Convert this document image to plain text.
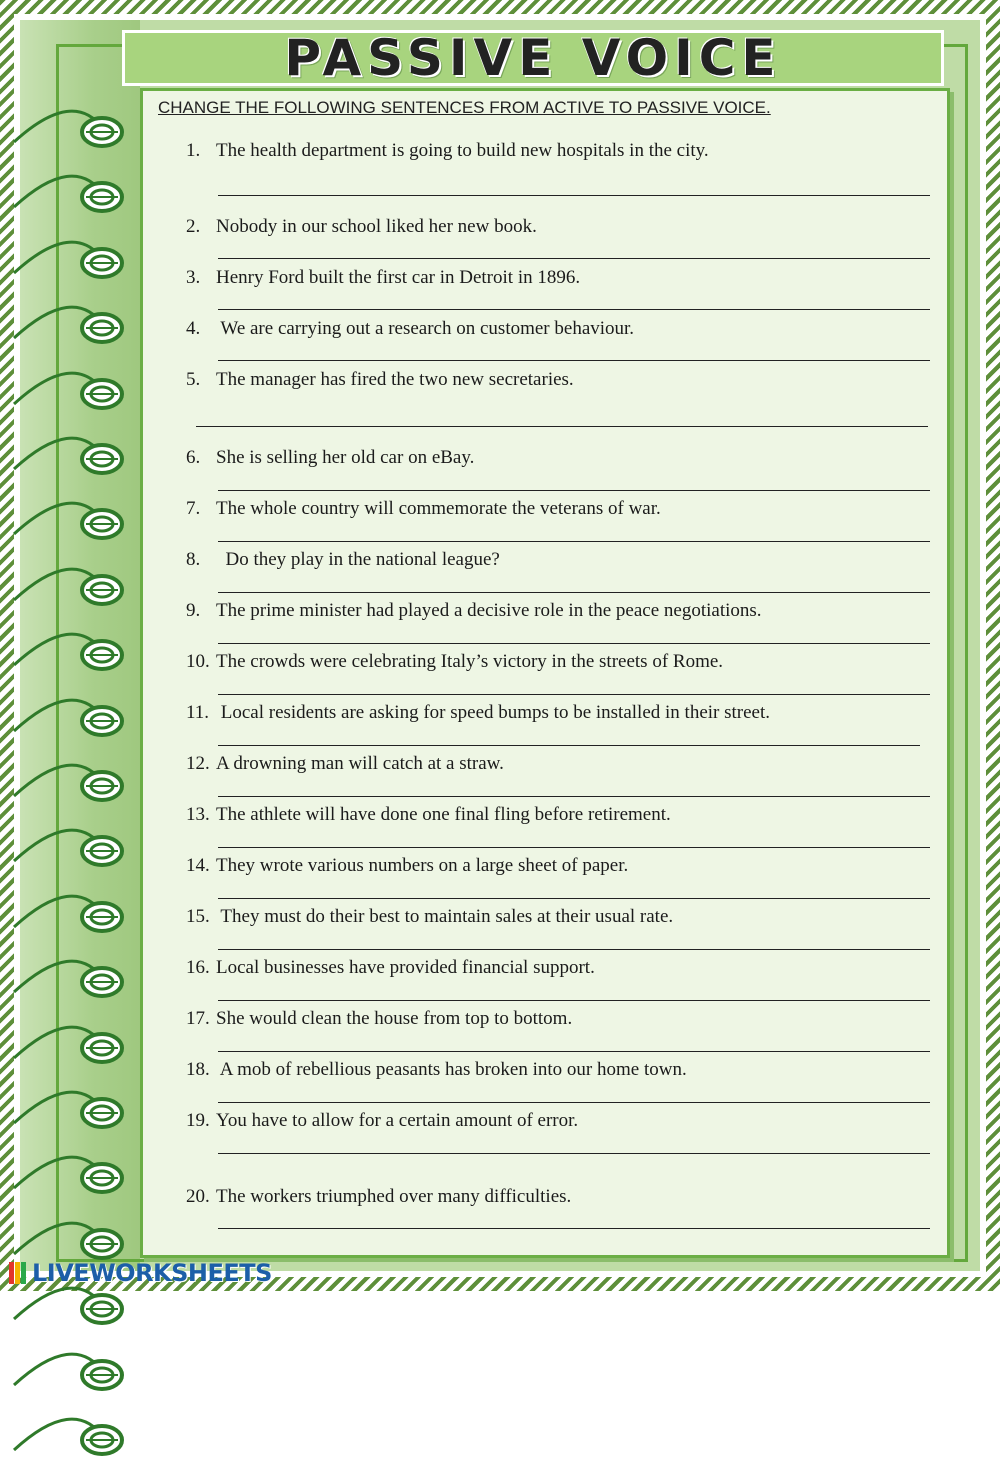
PASSIVE VOICE
CHANGE THE FOLLOWING SENTENCES FROM ACTIVE TO PASSIVE VOICE.
1. The health department is going to build new hospitals in the city.
2. Nobody in our school liked her new book.
3. Henry Ford built the first car in Detroit in 1896.
4. We are carrying out a research on customer behaviour.
5. The manager has fired the two new secretaries.
6. She is selling her old car on eBay.
7. The whole country will commemorate the veterans of war.
8.  Do they play in the national league?
9. The prime minister had played a decisive role in the peace negotiations.
10. The crowds were celebrating Italy’s victory in the streets of Rome.
11. Local residents are asking for speed bumps to be installed in their street.
12. A drowning man will catch at a straw.
13. The athlete will have done one final fling before retirement.
14. They wrote various numbers on a large sheet of paper.
15. They must do their best to maintain sales at their usual rate.
16. Local businesses have provided financial support.
17. She would clean the house from top to bottom.
18. A mob of rebellious peasants has broken into our home town.
19. You have to allow for a certain amount of error.
20. The workers triumphed over many difficulties.
LIVEWORKSHEETS
